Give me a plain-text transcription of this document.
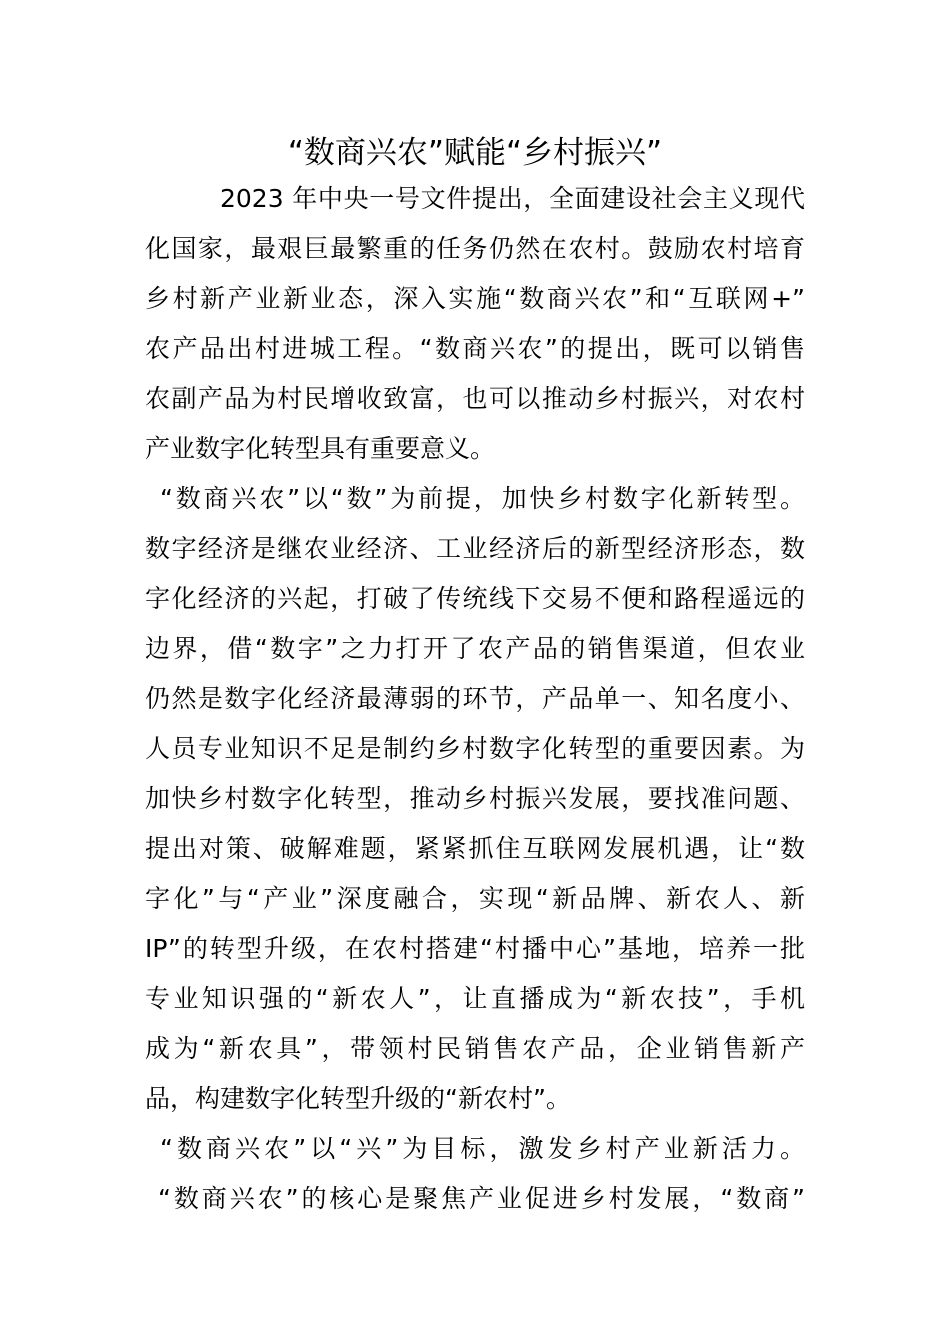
“数商兴农”赋能“乡村振兴”
2023 年中央一号文件提出，全面建设社会主义现代
化国家，最艰巨最繁重的任务仍然在农村。鼓励农村培育
乡村新产业新业态，深入实施“数商兴农”和“互联网+”
农产品出村进城工程。“数商兴农”的提出，既可以销售
农副产品为村民增收致富，也可以推动乡村振兴，对农村
产业数字化转型具有重要意义。
“数商兴农”以“数”为前提，加快乡村数字化新转型。
数字经济是继农业经济、工业经济后的新型经济形态，数
字化经济的兴起，打破了传统线下交易不便和路程遥远的
边界，借“数字”之力打开了农产品的销售渠道，但农业
仍然是数字化经济最薄弱的环节，产品单一、知名度小、
人员专业知识不足是制约乡村数字化转型的重要因素。为
加快乡村数字化转型，推动乡村振兴发展，要找准问题、
提出对策、破解难题，紧紧抓住互联网发展机遇，让“数
字化”与“产业”深度融合，实现“新品牌、新农人、新
IP”的转型升级，在农村搭建“村播中心”基地，培养一批
专业知识强的“新农人”，让直播成为“新农技”，手机
成为“新农具”，带领村民销售农产品，企业销售新产
品，构建数字化转型升级的“新农村”。
“数商兴农”以“兴”为目标，激发乡村产业新活力。
“数商兴农”的核心是聚焦产业促进乡村发展，“数商”
